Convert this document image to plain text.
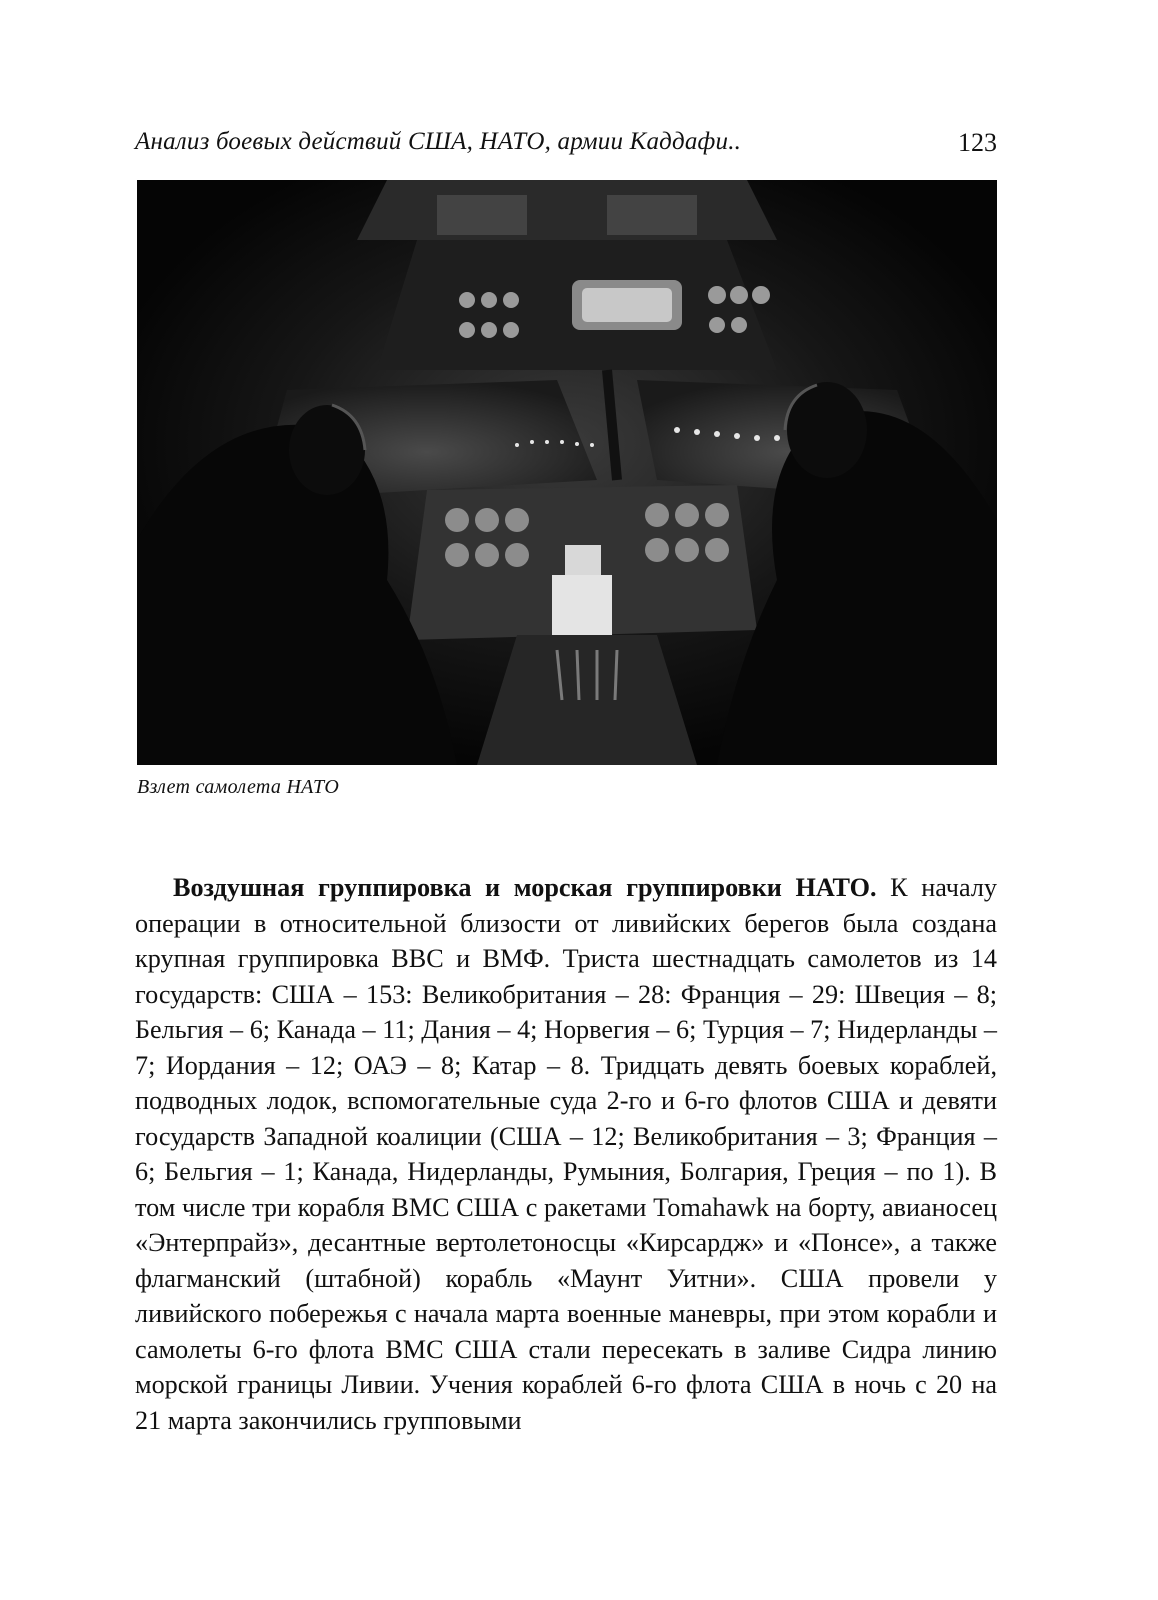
Анализ боевых действий США, НАТО, армии Каддафи..	123
Взлет самолета НАТО

Воздушная группировка и морская группировки НАТО. К началу операции в относительной близости от ливийских берегов была создана крупная группировка ВВС и ВМФ. Триста шестнадцать самолетов из 14 государств: США – 153: Великобритания – 28: Франция – 29: Швеция – 8; Бельгия – 6; Канада – 11; Дания – 4; Норвегия – 6; Турция – 7; Нидерланды – 7; Иордания – 12; ОАЭ – 8; Катар – 8. Тридцать девять боевых кораблей, подводных лодок, вспомогательные суда 2-го и 6-го флотов США и девяти государств Западной коалиции (США – 12; Великобритания – 3; Франция – 6; Бельгия – 1; Канада, Нидерланды, Румыния, Болгария, Греция – по 1). В том числе три корабля ВМС США с ракетами Tomahawk на борту, авианосец «Энтерпрайз», десантные вертолетоносцы «Кирсардж» и «Понсе», а также флагманский (штабной) корабль «Маунт Уитни». США провели у ливийского побережья с начала марта военные маневры, при этом корабли и самолеты 6-го флота ВМС США стали пересекать в заливе Сидра линию морской границы Ливии. Учения кораблей 6-го флота США в ночь с 20 на 21 марта закончились групповыми
